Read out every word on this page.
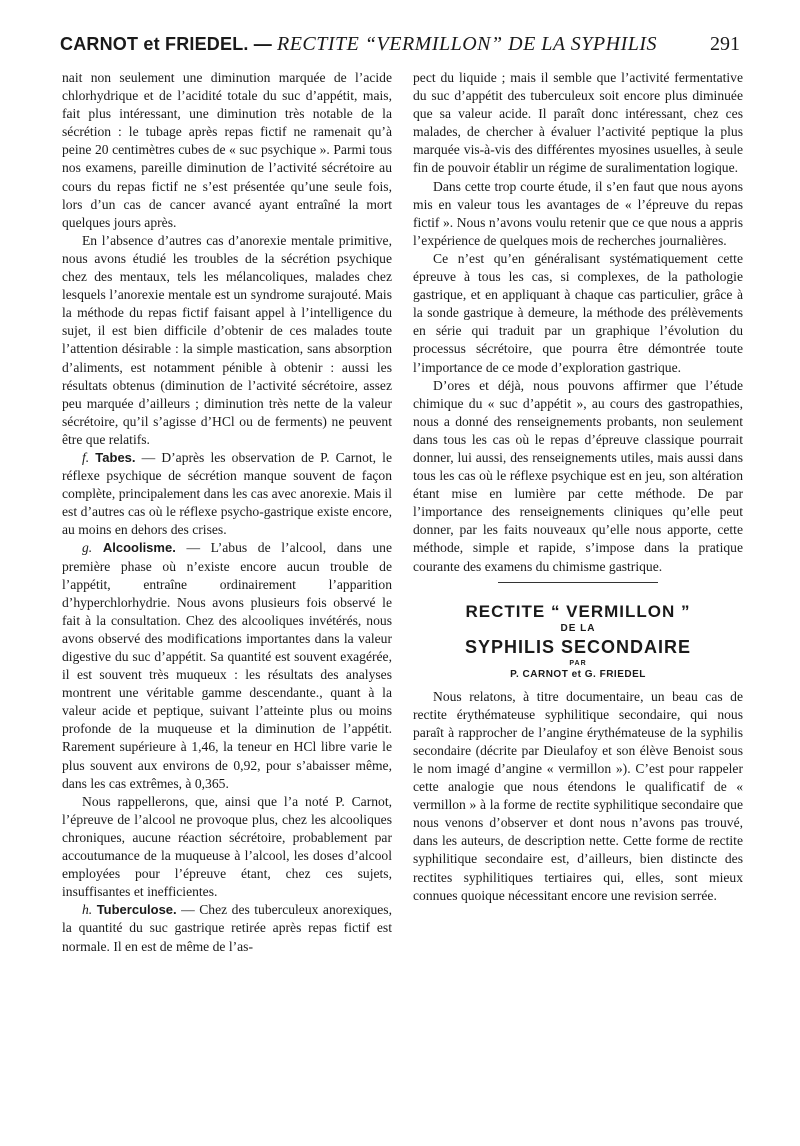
CARNOT et FRIEDEL. — RECTITE “VERMILLON” DE LA SYPHILIS	291

nait non seulement une diminution marquée de l’acide chlorhydrique et de l’acidité totale du suc d’appétit, mais, fait plus intéressant, une diminution très notable de la sécrétion : le tubage après repas fictif ne ramenait qu’à peine 20 centimètres cubes de « suc psychique ». Parmi tous nos examens, pareille diminution de l’activité sécrétoire au cours du repas fictif ne s’est présentée qu’une seule fois, lors d’un cas de cancer avancé ayant entraîné la mort quelques jours après.

En l’absence d’autres cas d’anorexie mentale primitive, nous avons étudié les troubles de la sécrétion psychique chez des mentaux, tels les mélancoliques, malades chez lesquels l’anorexie mentale est un syndrome surajouté. Mais la méthode du repas fictif faisant appel à l’intelligence du sujet, il est bien difficile d’obtenir de ces malades toute l’attention désirable : la simple mastication, sans absorption d’aliments, est notamment pénible à obtenir : aussi les résultats obtenus (diminution de l’activité sécrétoire, assez peu marquée d’ailleurs ; diminution très nette de la valeur sécrétoire, qu’il s’agisse d’HCl ou de ferments) ne peuvent être que relatifs.

f. Tabes. — D’après les observation de P. Carnot, le réflexe psychique de sécrétion manque souvent de façon complète, principalement dans les cas avec anorexie. Mais il est d’autres cas où le réflexe psycho-gastrique existe encore, au moins en dehors des crises.

g. Alcoolisme. — L’abus de l’alcool, dans une première phase où n’existe encore aucun trouble de l’appétit, entraîne ordinairement l’apparition d’hyperchlorhydrie. Nous avons plusieurs fois observé le fait à la consultation. Chez des alcooliques invétérés, nous avons observé des modifications importantes dans la valeur digestive du suc d’appétit. Sa quantité est souvent exagérée, il est souvent très muqueux : les résultats des analyses montrent une véritable gamme descendante., quant à la valeur acide et peptique, suivant l’atteinte plus ou moins profonde de la muqueuse et la diminution de l’appétit. Rarement supérieure à 1,46, la teneur en HCl libre varie le plus souvent aux environs de 0,92, pour s’abaisser même, dans les cas extrêmes, à 0,365.

Nous rappellerons, que, ainsi que l’a noté P. Carnot, l’épreuve de l’alcool ne provoque plus, chez les alcooliques chroniques, aucune réaction sécrétoire, probablement par accoutumance de la muqueuse à l’alcool, les doses d’alcool employées pour l’épreuve étant, chez ces sujets, insuffisantes et inefficientes.

h. Tuberculose. — Chez des tuberculeux anorexiques, la quantité du suc gastrique retirée après repas fictif est normale. Il en est de même de l’as-

pect du liquide ; mais il semble que l’activité fermentative du suc d’appétit des tuberculeux soit encore plus diminuée que sa valeur acide. Il paraît donc intéressant, chez ces malades, de chercher à évaluer l’activité peptique la plus marquée vis-à-vis des différentes myosines usuelles, à seule fin de pouvoir établir un régime de suralimentation logique.

Dans cette trop courte étude, il s’en faut que nous ayons mis en valeur tous les avantages de « l’épreuve du repas fictif ». Nous n’avons voulu retenir que ce que nous a appris l’expérience de quelques mois de recherches journalières.

Ce n’est qu’en généralisant systématiquement cette épreuve à tous les cas, si complexes, de la pathologie gastrique, et en appliquant à chaque cas particulier, grâce à la sonde gastrique à demeure, la méthode des prélèvements en série qui traduit par un graphique l’évolution du processus sécrétoire, que pourra être démontrée toute l’importance de ce mode d’exploration gastrique.

D’ores et déjà, nous pouvons affirmer que l’étude chimique du « suc d’appétit », au cours des gastropathies, nous a donné des renseignements probants, non seulement dans tous les cas où le repas d’épreuve classique pourrait donner, lui aussi, des renseignements utiles, mais aussi dans tous les cas où le réflexe psychique est en jeu, son altération étant mise en lumière par cette méthode. De par l’importance des renseignements cliniques qu’elle peut donner, par les faits nouveaux qu’elle nous apporte, cette méthode, simple et rapide, s’impose dans la pratique courante des examens du chimisme gastrique.

RECTITE “ VERMILLON ”
DE LA
SYPHILIS SECONDAIRE
PAR
P. CARNOT et G. FRIEDEL

Nous relatons, à titre documentaire, un beau cas de rectite érythémateuse syphilitique secondaire, qui nous paraît à rapprocher de l’angine érythémateuse de la syphilis secondaire (décrite par Dieulafoy et son élève Benoist sous le nom imagé d’angine « vermillon »). C’est pour rappeler cette analogie que nous étendons le qualificatif de « vermillon » à la forme de rectite syphilitique secondaire que nous venons d’observer et dont nous n’avons pas trouvé, dans les auteurs, de description nette. Cette forme de rectite syphilitique secondaire est, d’ailleurs, bien distincte des rectites syphilitiques tertiaires qui, elles, sont mieux connues quoique nécessitant encore une revision serrée.
